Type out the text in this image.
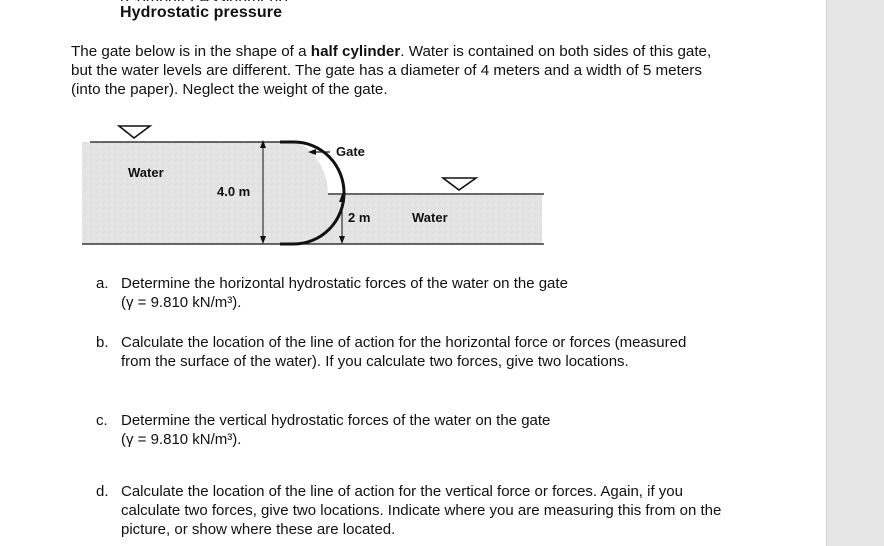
Hydrostatic pressure
The gate below is in the shape of a half cylinder. Water is contained on both sides of this gate, but the water levels are different. The gate has a diameter of 4 meters and a width of 5 meters (into the paper). Neglect the weight of the gate.
Gate
Water
4.0 m
2 m	Water
a. Determine the horizontal hydrostatic forces of the water on the gate
(γ = 9.810 kN/m³).
b. Calculate the location of the line of action for the horizontal force or forces (measured from the surface of the water). If you calculate two forces, give two locations.
c. Determine the vertical hydrostatic forces of the water on the gate
(γ = 9.810 kN/m³).
d. Calculate the location of the line of action for the vertical force or forces. Again, if you calculate two forces, give two locations. Indicate where you are measuring this from on the picture, or show where these are located.
